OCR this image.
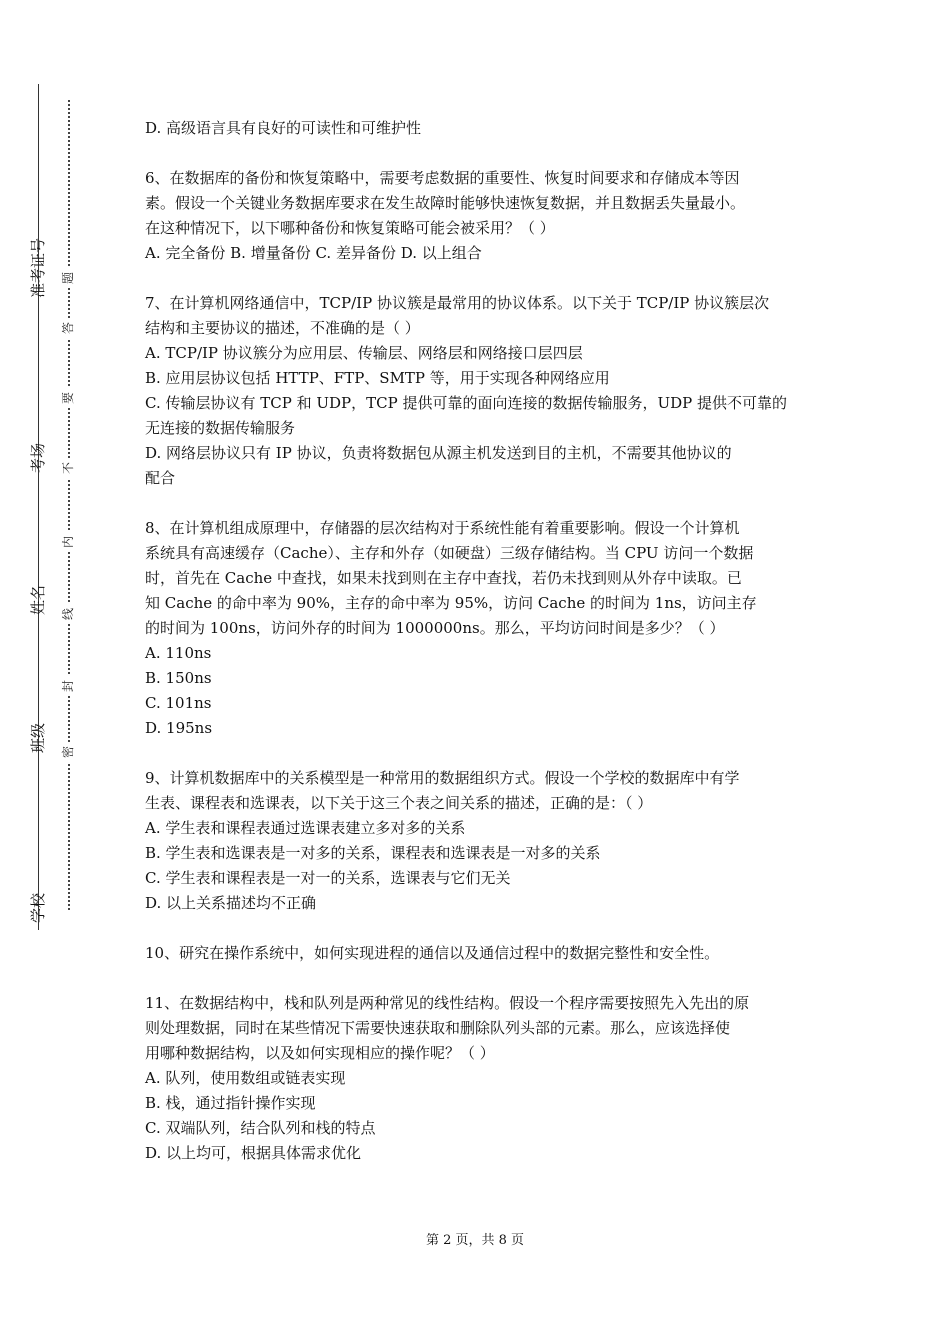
准考证号
考场
姓名
班级
学校
题
答
要
不
内
线
封
密
D. 高级语言具有良好的可读性和可维护性
6、在数据库的备份和恢复策略中，需要考虑数据的重要性、恢复时间要求和存储成本等因
素。假设一个关键业务数据库要求在发生故障时能够快速恢复数据，并且数据丢失量最小。
在这种情况下，以下哪种备份和恢复策略可能会被采用？（ ）
A. 完全备份 B. 增量备份 C. 差异备份 D. 以上组合
7、在计算机网络通信中，TCP/IP 协议簇是最常用的协议体系。以下关于 TCP/IP 协议簇层次
结构和主要协议的描述，不准确的是（ ）
A. TCP/IP 协议簇分为应用层、传输层、网络层和网络接口层四层
B. 应用层协议包括 HTTP、FTP、SMTP 等，用于实现各种网络应用
C. 传输层协议有 TCP 和 UDP，TCP 提供可靠的面向连接的数据传输服务，UDP 提供不可靠的
无连接的数据传输服务
D. 网络层协议只有 IP 协议，负责将数据包从源主机发送到目的主机，不需要其他协议的
配合
8、在计算机组成原理中，存储器的层次结构对于系统性能有着重要影响。假设一个计算机
系统具有高速缓存（Cache）、主存和外存（如硬盘）三级存储结构。当 CPU 访问一个数据
时，首先在 Cache 中查找，如果未找到则在主存中查找，若仍未找到则从外存中读取。已
知 Cache 的命中率为 90%，主存的命中率为 95%，访问 Cache 的时间为 1ns，访问主存
的时间为 100ns，访问外存的时间为 1000000ns。那么，平均访问时间是多少？（ ）
A. 110ns
B. 150ns
C. 101ns
D. 195ns
9、计算机数据库中的关系模型是一种常用的数据组织方式。假设一个学校的数据库中有学
生表、课程表和选课表，以下关于这三个表之间关系的描述，正确的是：（ ）
A. 学生表和课程表通过选课表建立多对多的关系
B. 学生表和选课表是一对多的关系，课程表和选课表是一对多的关系
C. 学生表和课程表是一对一的关系，选课表与它们无关
D. 以上关系描述均不正确
10、研究在操作系统中，如何实现进程的通信以及通信过程中的数据完整性和安全性。
11、在数据结构中，栈和队列是两种常见的线性结构。假设一个程序需要按照先入先出的原
则处理数据，同时在某些情况下需要快速获取和删除队列头部的元素。那么，应该选择使
用哪种数据结构，以及如何实现相应的操作呢？（ ）
A. 队列，使用数组或链表实现
B. 栈，通过指针操作实现
C. 双端队列，结合队列和栈的特点
D. 以上均可，根据具体需求优化
第 2 页，共 8 页
